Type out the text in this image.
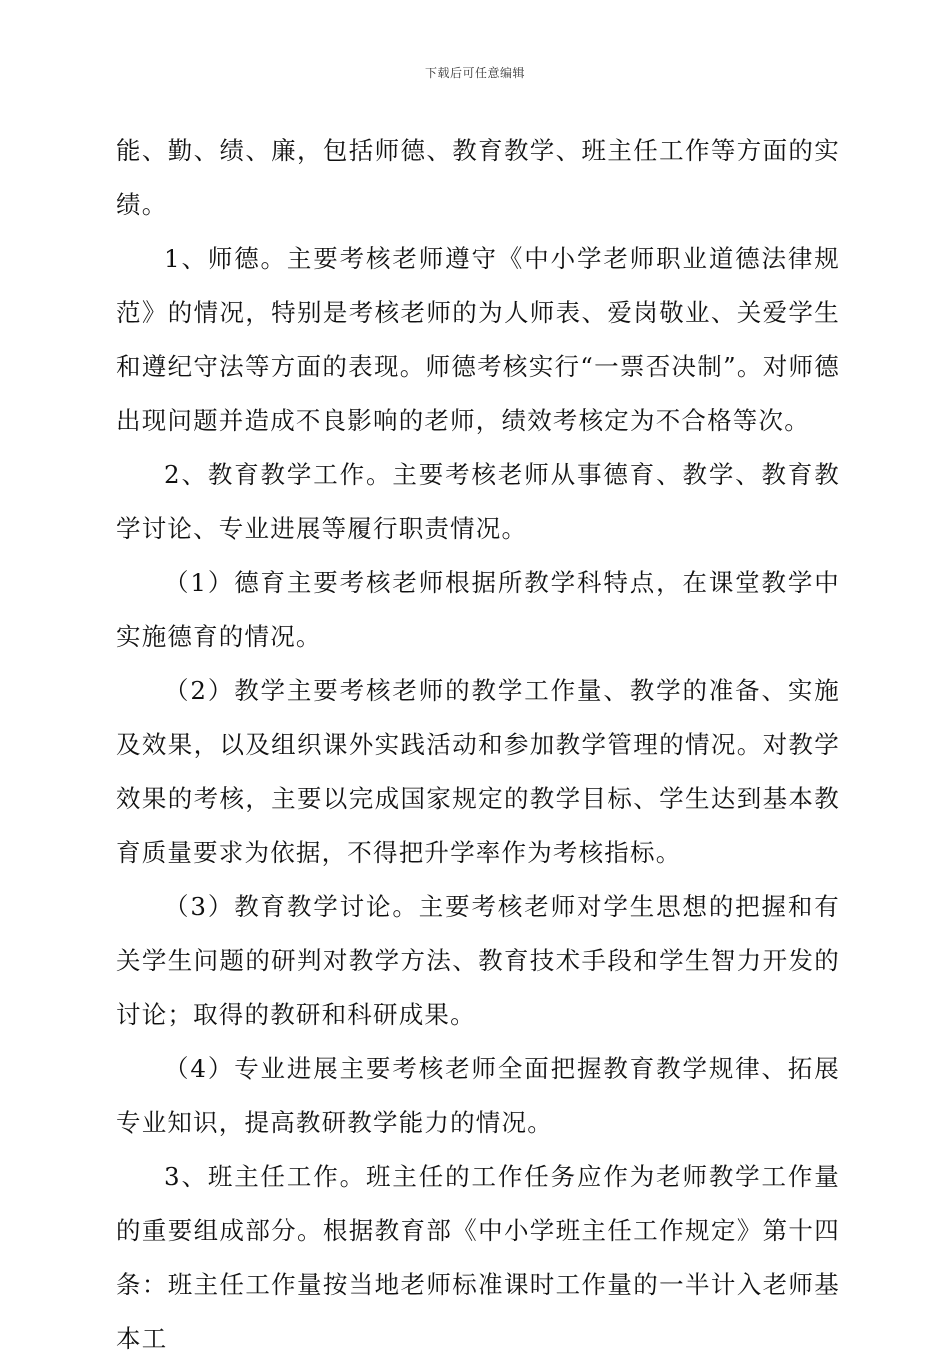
下载后可任意编辑

能、勤、绩、廉，包括师德、教育教学、班主任工作等方面的实绩。

1、师德。主要考核老师遵守《中小学老师职业道德法律规范》的情况，特别是考核老师的为人师表、爱岗敬业、关爱学生和遵纪守法等方面的表现。师德考核实行“一票否决制”。对师德出现问题并造成不良影响的老师，绩效考核定为不合格等次。

2、教育教学工作。主要考核老师从事德育、教学、教育教学讨论、专业进展等履行职责情况。

（1）德育主要考核老师根据所教学科特点，在课堂教学中实施德育的情况。

（2）教学主要考核老师的教学工作量、教学的准备、实施及效果，以及组织课外实践活动和参加教学管理的情况。对教学效果的考核，主要以完成国家规定的教学目标、学生达到基本教育质量要求为依据，不得把升学率作为考核指标。

（3）教育教学讨论。主要考核老师对学生思想的把握和有关学生问题的研判对教学方法、教育技术手段和学生智力开发的讨论；取得的教研和科研成果。

（4）专业进展主要考核老师全面把握教育教学规律、拓展专业知识，提高教研教学能力的情况。

3、班主任工作。班主任的工作任务应作为老师教学工作量的重要组成部分。根据教育部《中小学班主任工作规定》第十四条：班主任工作量按当地老师标准课时工作量的一半计入老师基本工
